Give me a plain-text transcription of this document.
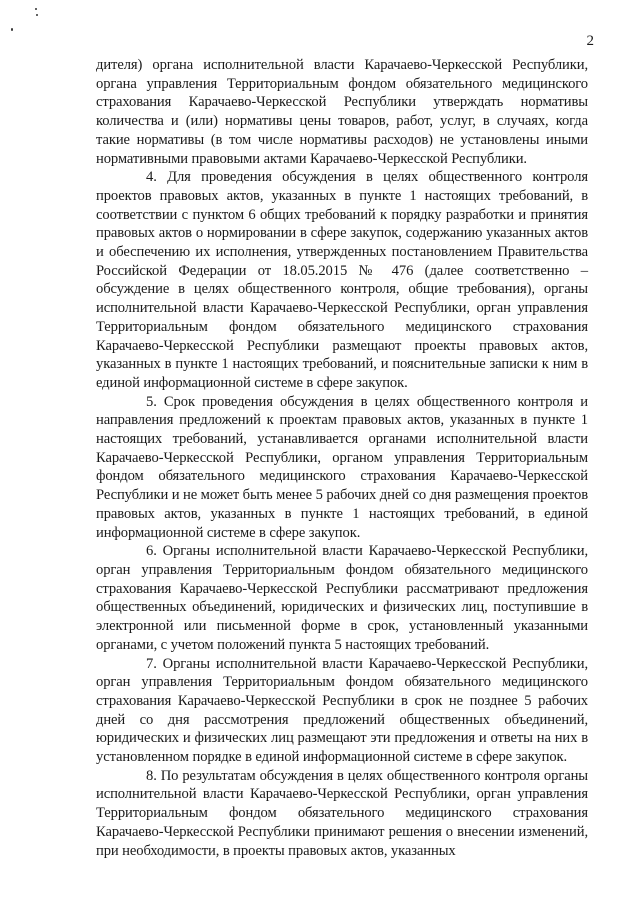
2

дителя) органа исполнительной власти Карачаево-Черкесской Республики, органа управления Территориальным фондом обязательного медицинского страхования Карачаево-Черкесской Республики утверждать нормативы количества и (или) нормативы цены товаров, работ, услуг, в случаях, когда такие нормативы (в том числе нормативы расходов) не установлены иными нормативными правовыми актами Карачаево-Черкесской Республики.

4. Для проведения обсуждения в целях общественного контроля проектов правовых актов, указанных в пункте 1 настоящих требований, в соответствии с пунктом 6 общих требований к порядку разработки и принятия правовых актов о нормировании в сфере закупок, содержанию указанных актов и обеспечению их исполнения, утвержденных постановлением Правительства Российской Федерации от 18.05.2015 № 476 (далее соответственно – обсуждение в целях общественного контроля, общие требования), органы исполнительной власти Карачаево-Черкесской Республики, орган управления Территориальным фондом обязательного медицинского страхования Карачаево-Черкесской Республики размещают проекты правовых актов, указанных в пункте 1 настоящих требований, и пояснительные записки к ним в единой информационной системе в сфере закупок.

5. Срок проведения обсуждения в целях общественного контроля и направления предложений к проектам правовых актов, указанных в пункте 1 настоящих требований, устанавливается органами исполнительной власти Карачаево-Черкесской Республики, органом управления Территориальным фондом обязательного медицинского страхования Карачаево-Черкесской Республики и не может быть менее 5 рабочих дней со дня размещения проектов правовых актов, указанных в пункте 1 настоящих требований, в единой информационной системе в сфере закупок.

6. Органы исполнительной власти Карачаево-Черкесской Республики, орган управления Территориальным фондом обязательного медицинского страхования Карачаево-Черкесской Республики рассматривают предложения общественных объединений, юридических и физических лиц, поступившие в электронной или письменной форме в срок, установленный указанными органами, с учетом положений пункта 5 настоящих требований.

7. Органы исполнительной власти Карачаево-Черкесской Республики, орган управления Территориальным фондом обязательного медицинского страхования Карачаево-Черкесской Республики в срок не позднее 5 рабочих дней со дня рассмотрения предложений общественных объединений, юридических и физических лиц размещают эти предложения и ответы на них в установленном порядке в единой информационной системе в сфере закупок.

8. По результатам обсуждения в целях общественного контроля органы исполнительной власти Карачаево-Черкесской Республики, орган управления Территориальным фондом обязательного медицинского страхования Карачаево-Черкесской Республики принимают решения о внесении изменений, при необходимости, в проекты правовых актов, указанных
